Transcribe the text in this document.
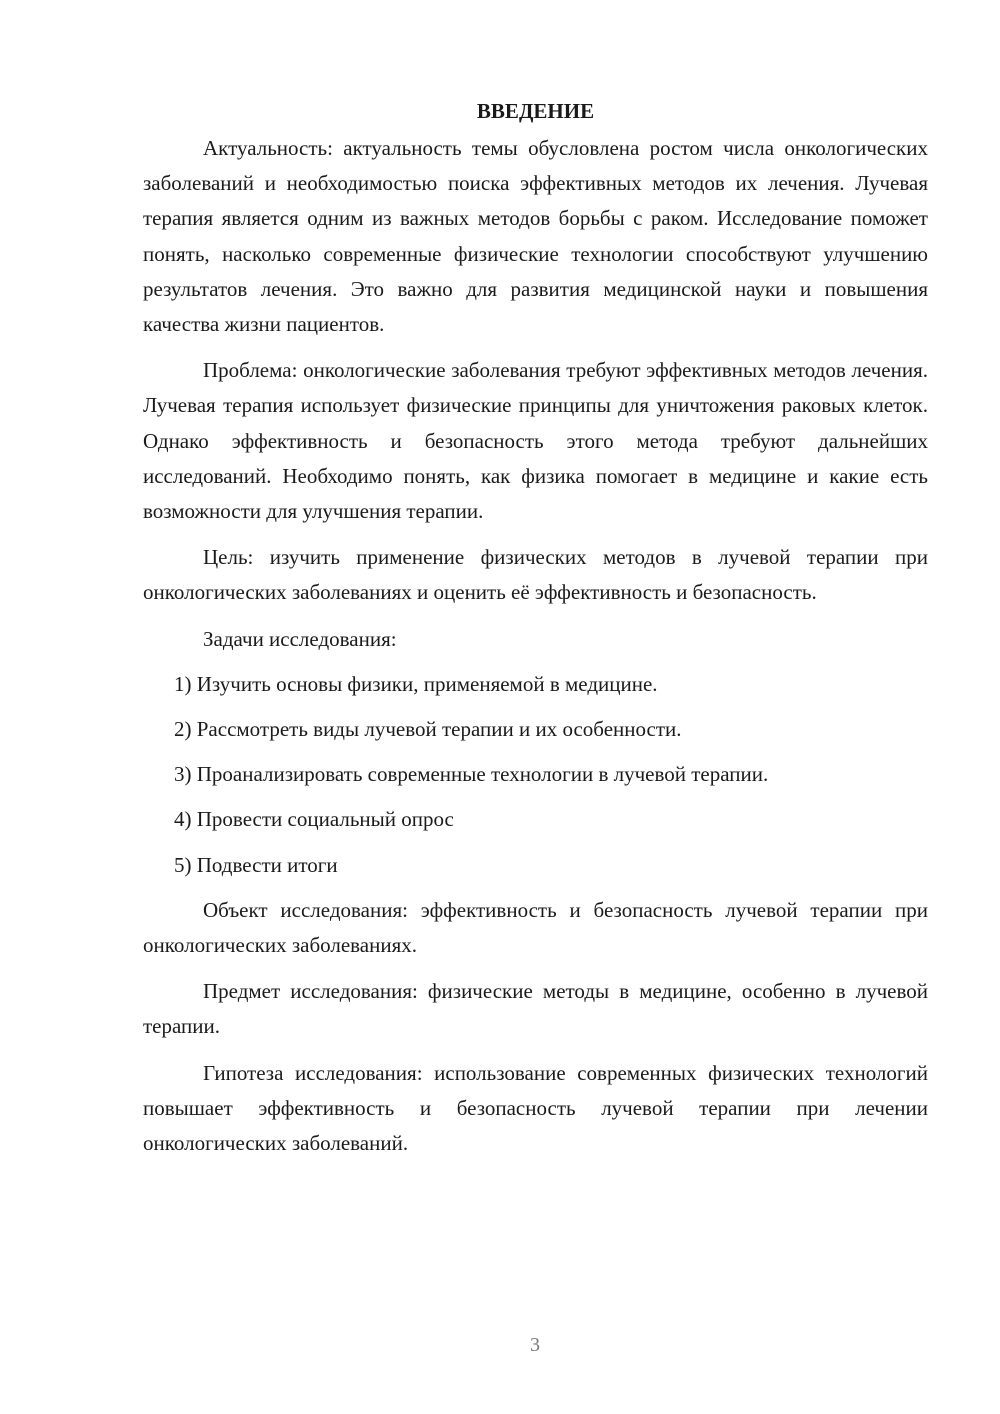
ВВЕДЕНИЕ

Актуальность: актуальность темы обусловлена ростом числа онкологических заболеваний и необходимостью поиска эффективных методов их лечения. Лучевая терапия является одним из важных методов борьбы с раком. Исследование поможет понять, насколько современные физические технологии способствуют улучшению результатов лечения. Это важно для развития медицинской науки и повышения качества жизни пациентов.

Проблема: онкологические заболевания требуют эффективных методов лечения. Лучевая терапия использует физические принципы для уничтожения раковых клеток. Однако эффективность и безопасность этого метода требуют дальнейших исследований. Необходимо понять, как физика помогает в медицине и какие есть возможности для улучшения терапии.

Цель: изучить применение физических методов в лучевой терапии при онкологических заболеваниях и оценить её эффективность и безопасность.

Задачи исследования:

1) Изучить основы физики, применяемой в медицине.
2) Рассмотреть виды лучевой терапии и их особенности.
3) Проанализировать современные технологии в лучевой терапии.
4) Провести социальный опрос
5) Подвести итоги

Объект исследования: эффективность и безопасность лучевой терапии при онкологических заболеваниях.

Предмет исследования: физические методы в медицине, особенно в лучевой терапии.

Гипотеза исследования: использование современных физических технологий повышает эффективность и безопасность лучевой терапии при лечении онкологических заболеваний.

3
